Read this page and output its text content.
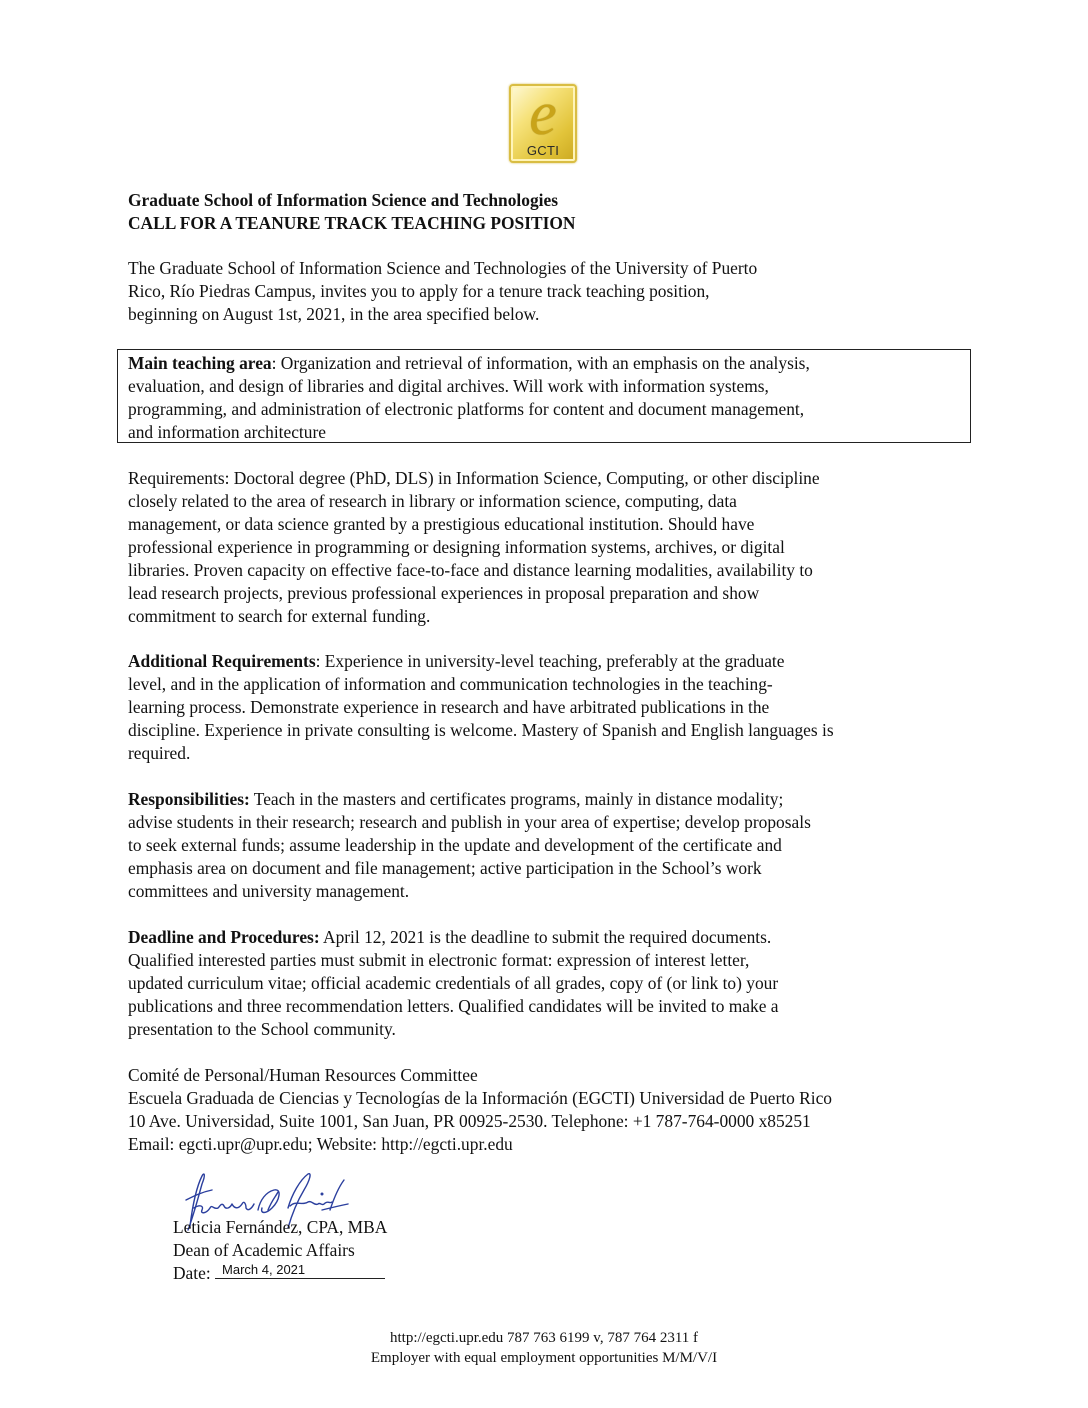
e
GCTI
Graduate School of Information Science and Technologies
CALL FOR A TEANURE TRACK TEACHING POSITION
The Graduate School of Information Science and Technologies of the University of Puerto
Rico, Río Piedras Campus, invites you to apply for a tenure track teaching position,
beginning on August 1st, 2021, in the area specified below.
Main teaching area: Organization and retrieval of information, with an emphasis on the analysis,
evaluation, and design of libraries and digital archives. Will work with information systems,
programming, and administration of electronic platforms for content and document management,
and information architecture
Requirements: Doctoral degree (PhD, DLS) in Information Science, Computing, or other discipline
closely related to the area of research in library or information science, computing, data
management, or data science granted by a prestigious educational institution. Should have
professional experience in programming or designing information systems, archives, or digital
libraries. Proven capacity on effective face-to-face and distance learning modalities, availability to
lead research projects, previous professional experiences in proposal preparation and show
commitment to search for external funding.
Additional Requirements: Experience in university-level teaching, preferably at the graduate
level, and in the application of information and communication technologies in the teaching-
learning process. Demonstrate experience in research and have arbitrated publications in the
discipline. Experience in private consulting is welcome. Mastery of Spanish and English languages is
required.
Responsibilities: Teach in the masters and certificates programs, mainly in distance modality;
advise students in their research; research and publish in your area of expertise; develop proposals
to seek external funds; assume leadership in the update and development of the certificate and
emphasis area on document and file management; active participation in the School’s work
committees and university management.
Deadline and Procedures: April 12, 2021 is the deadline to submit the required documents.
Qualified interested parties must submit in electronic format: expression of interest letter,
updated curriculum vitae; official academic credentials of all grades, copy of (or link to) your
publications and three recommendation letters. Qualified candidates will be invited to make a
presentation to the School community.
Comité de Personal/Human Resources Committee
Escuela Graduada de Ciencias y Tecnologías de la Información (EGCTI) Universidad de Puerto Rico
10 Ave. Universidad, Suite 1001, San Juan, PR 00925-2530. Telephone: +1 787-764-0000 x85251
Email: egcti.upr@upr.edu; Website: http://egcti.upr.edu
Leticia Fernández, CPA, MBA
Dean of Academic Affairs
Date: March 4, 2021
http://egcti.upr.edu 787 763 6199 v, 787 764 2311 f
Employer with equal employment opportunities M/M/V/I
